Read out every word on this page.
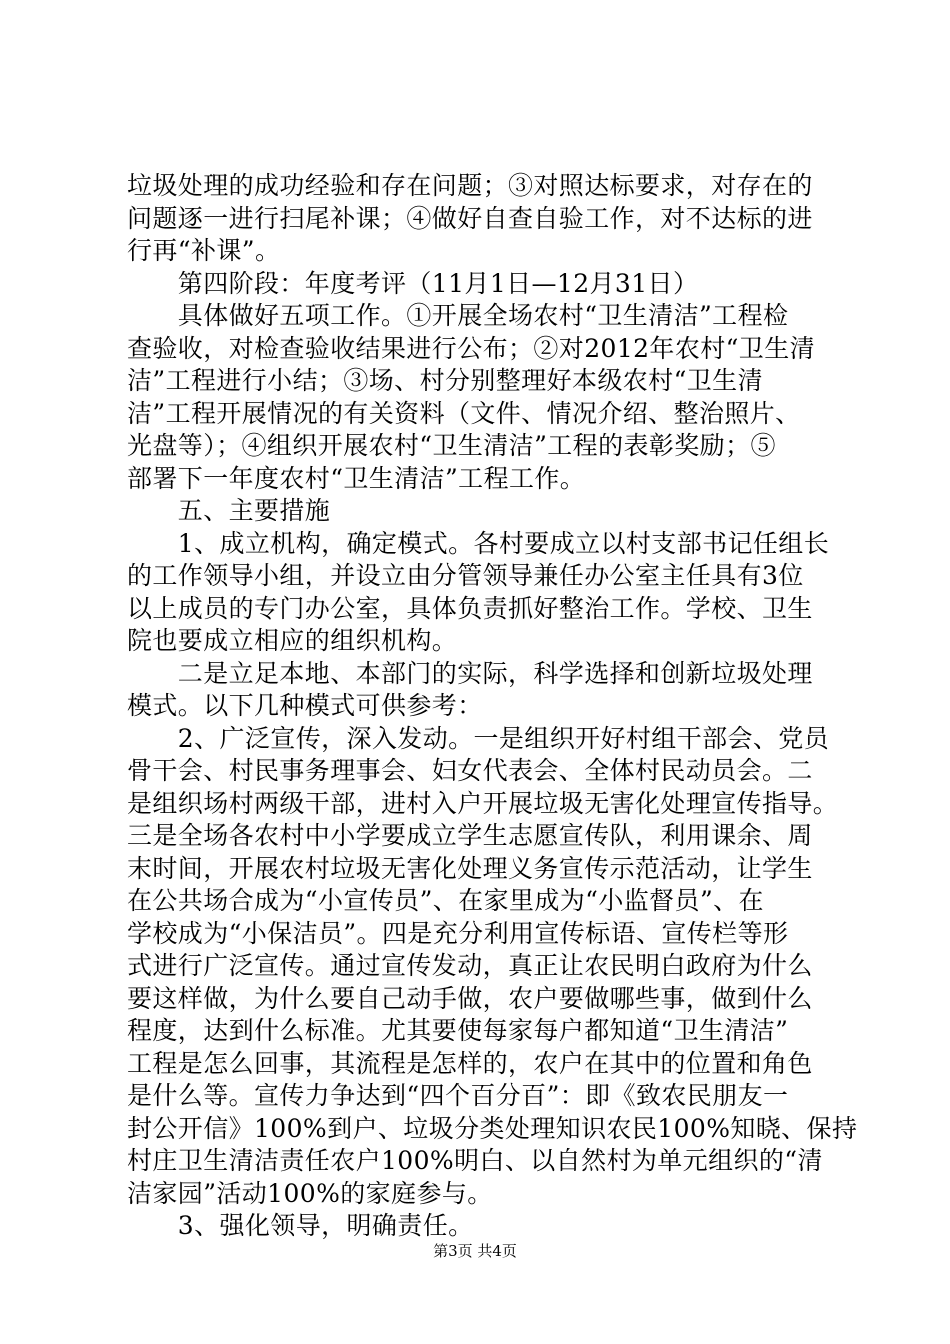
垃圾处理的成功经验和存在问题；③对照达标要求，对存在的
问题逐一进行扫尾补课；④做好自查自验工作，对不达标的进
行再“补课”。
　　第四阶段：年度考评（11月1日—12月31日）
　　具体做好五项工作。①开展全场农村“卫生清洁”工程检
查验收，对检查验收结果进行公布；②对2012年农村“卫生清
洁”工程进行小结；③场、村分别整理好本级农村“卫生清
洁”工程开展情况的有关资料（文件、情况介绍、整治照片、
光盘等）；④组织开展农村“卫生清洁”工程的表彰奖励；⑤
部署下一年度农村“卫生清洁”工程工作。
　　五、主要措施
　　1、成立机构，确定模式。各村要成立以村支部书记任组长
的工作领导小组，并设立由分管领导兼任办公室主任具有3位
以上成员的专门办公室，具体负责抓好整治工作。学校、卫生
院也要成立相应的组织机构。
　　二是立足本地、本部门的实际，科学选择和创新垃圾处理
模式。以下几种模式可供参考：
　　2、广泛宣传，深入发动。一是组织开好村组干部会、党员
骨干会、村民事务理事会、妇女代表会、全体村民动员会。二
是组织场村两级干部，进村入户开展垃圾无害化处理宣传指导。
三是全场各农村中小学要成立学生志愿宣传队，利用课余、周
末时间，开展农村垃圾无害化处理义务宣传示范活动，让学生
在公共场合成为“小宣传员”、在家里成为“小监督员”、在
学校成为“小保洁员”。四是充分利用宣传标语、宣传栏等形
式进行广泛宣传。通过宣传发动，真正让农民明白政府为什么
要这样做，为什么要自己动手做，农户要做哪些事，做到什么
程度，达到什么标准。尤其要使每家每户都知道“卫生清洁”
工程是怎么回事，其流程是怎样的，农户在其中的位置和角色
是什么等。宣传力争达到“四个百分百”：即《致农民朋友一
封公开信》100%到户、垃圾分类处理知识农民100%知晓、保持
村庄卫生清洁责任农户100%明白、以自然村为单元组织的“清
洁家园”活动100%的家庭参与。
　　3、强化领导，明确责任。
第3页 共4页
